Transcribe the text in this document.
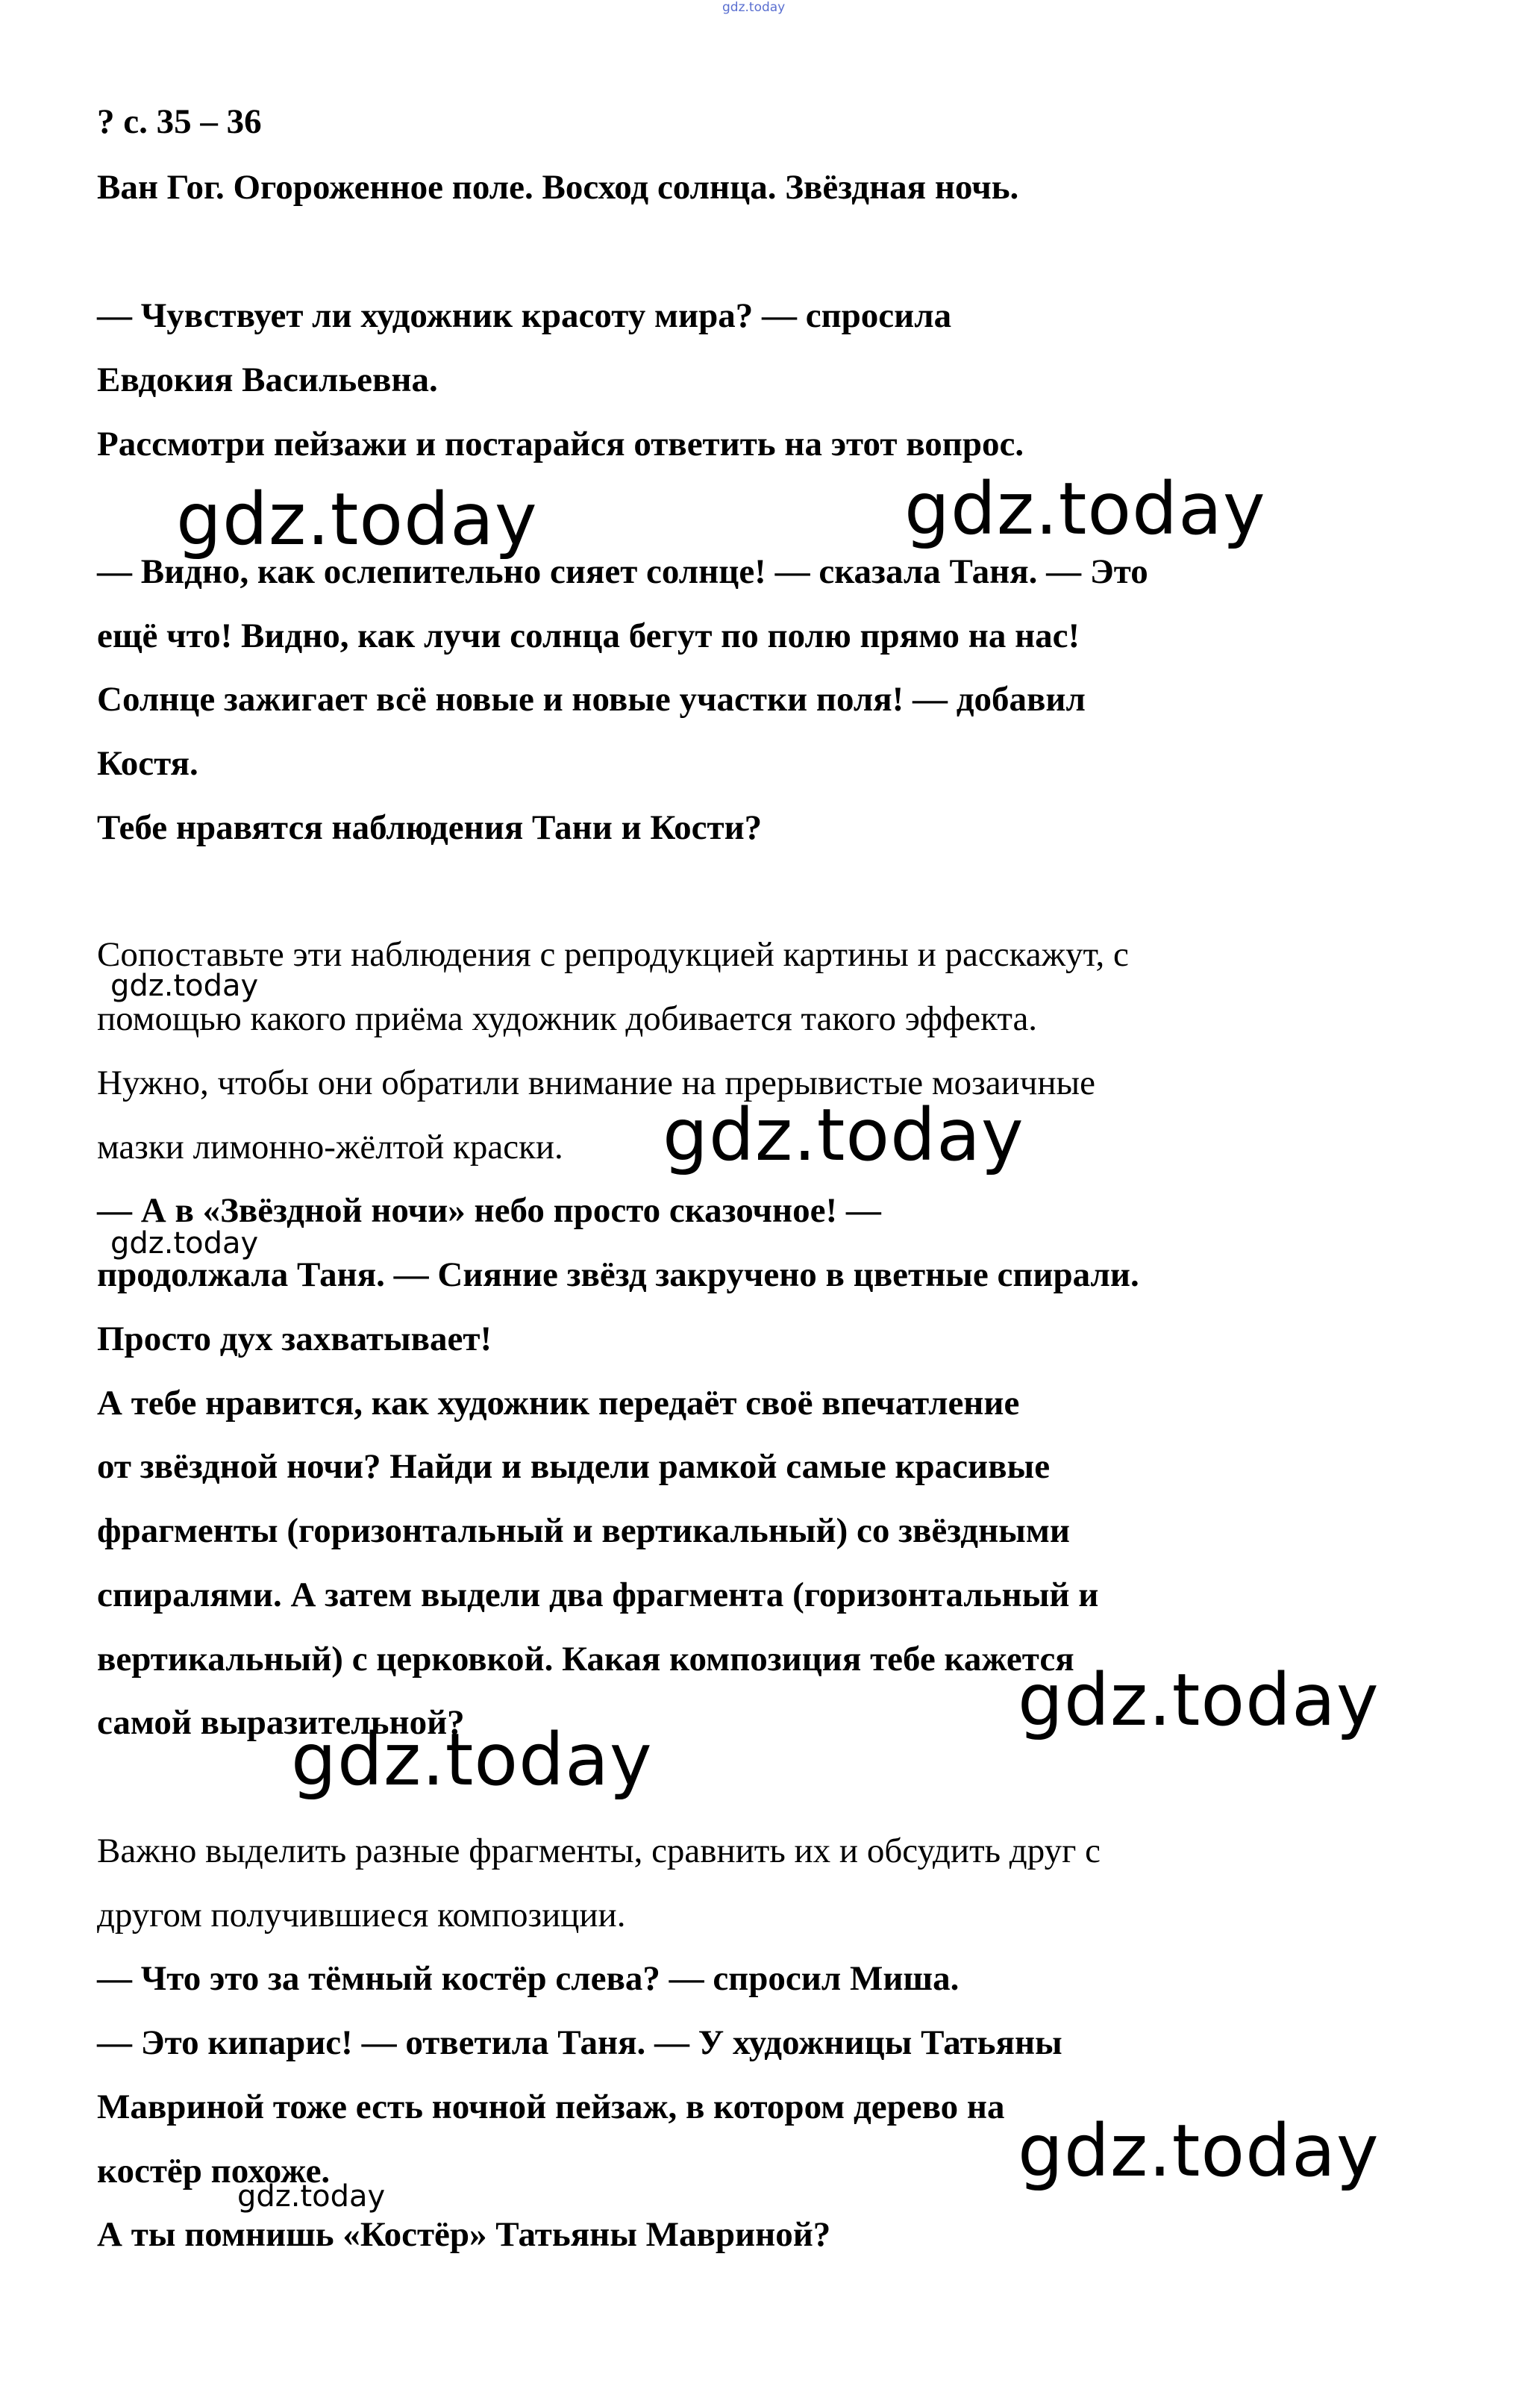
gdz.today
? с. 35 – 36
Ван Гог. Огороженное поле. Восход солнца. Звёздная ночь.
— Чувствует ли художник красоту мира? — спросила
Евдокия Васильевна.
Рассмотри пейзажи и постарайся ответить на этот вопрос.
— Видно, как ослепительно сияет солнце! — сказала Таня. — Это
ещё что! Видно, как лучи солнца бегут по полю прямо на нас!
Солнце зажигает всё новые и новые участки поля! — добавил
Костя.
Тебе нравятся наблюдения Тани и Кости?
Сопоставьте эти наблюдения с репродукцией картины и расскажут, с
помощью какого приёма художник добивается такого эффекта.
Нужно, чтобы они обратили внимание на прерывистые мозаичные
мазки лимонно-жёлтой краски.
— А в «Звёздной ночи» небо просто сказочное! —
продолжала Таня. — Сияние звёзд закручено в цветные спирали.
Просто дух захватывает!
А тебе нравится, как художник передаёт своё впечатление
от звёздной ночи? Найди и выдели рамкой самые красивые
фрагменты (горизонтальный и вертикальный) со звёздными
спиралями. А затем выдели два фрагмента (горизонтальный и
вертикальный) с церковкой. Какая композиция тебе кажется
самой выразительной?
Важно выделить разные фрагменты, сравнить их и обсудить друг с
другом получившиеся композиции.
— Что это за тёмный костёр слева? — спросил Миша.
— Это кипарис! — ответила Таня. — У художницы Татьяны
Мавриной тоже есть ночной пейзаж, в котором дерево на
костёр похоже.
А ты помнишь «Костёр» Татьяны Мавриной?
gdz.today	gdz.today
gdz.today
gdz.today
gdz.today
gdz.today
gdz.today
gdz.today
gdz.today
